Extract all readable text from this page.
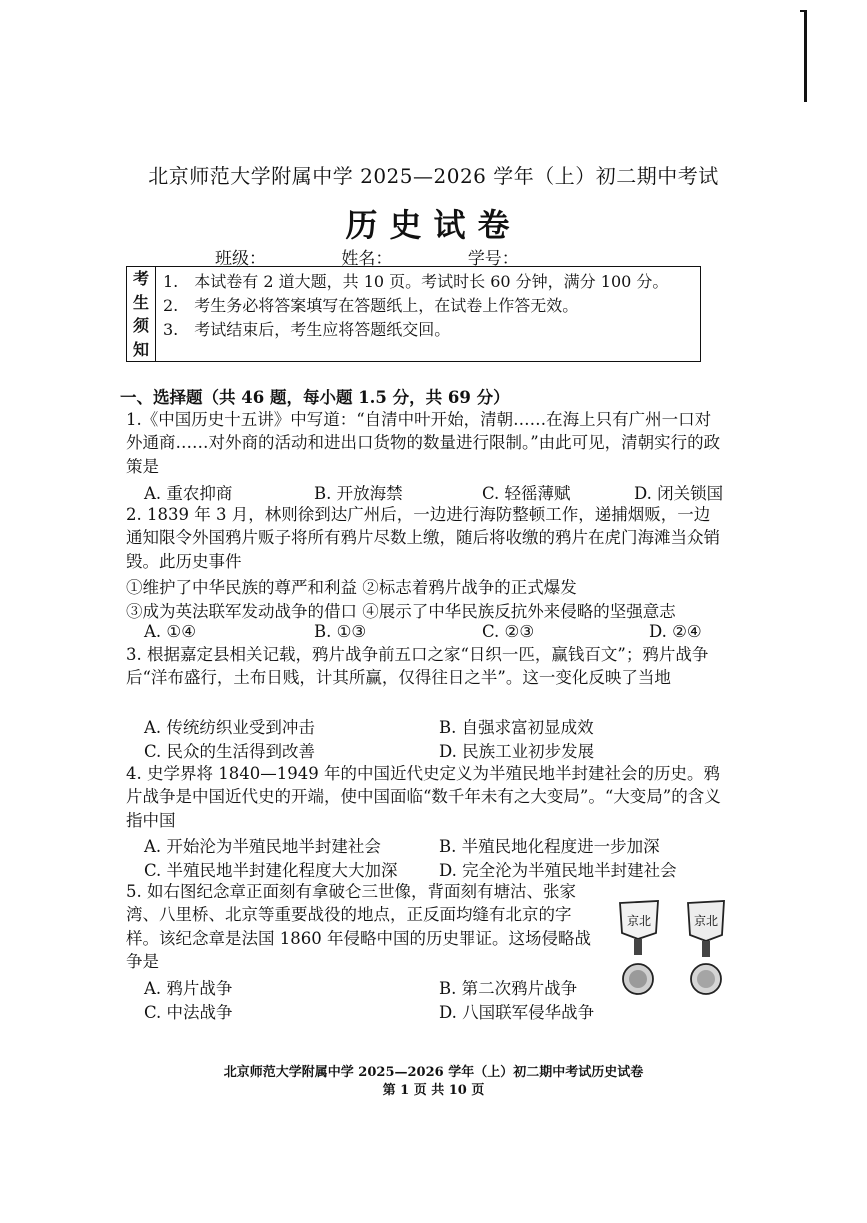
北京师范大学附属中学 2025—2026 学年（上）初二期中考试
历史试卷
班级：	姓名：	学号：
考
生
须
知
1.　本试卷有 2 道大题，共 10 页。考试时长 60 分钟，满分 100 分。
2.　考生务必将答案填写在答题纸上，在试卷上作答无效。
3.　考试结束后，考生应将答题纸交回。
一、选择题（共 46 题，每小题 1.5 分，共 69 分）
1.《中国历史十五讲》中写道：“自清中叶开始，清朝……在海上只有广州一口对外通商……对外商的活动和进出口货物的数量进行限制。”由此可见，清朝实行的政策是
A. 重农抑商	B. 开放海禁	C. 轻徭薄赋	D. 闭关锁国
2. 1839 年 3 月，林则徐到达广州后，一边进行海防整顿工作，递捕烟贩，一边通知限令外国鸦片贩子将所有鸦片尽数上缴，随后将收缴的鸦片在虎门海滩当众销毁。此历史事件
①维护了中华民族的尊严和利益 ②标志着鸦片战争的正式爆发
③成为英法联军发动战争的借口 ④展示了中华民族反抗外来侵略的坚强意志
A. ①④	B. ①③	C. ②③	D. ②④
3. 根据嘉定县相关记载，鸦片战争前五口之家“日织一匹，赢钱百文”；鸦片战争后“洋布盛行，土布日贱，计其所赢，仅得往日之半”。这一变化反映了当地
A. 传统纺织业受到冲击	B. 自强求富初显成效
C. 民众的生活得到改善	D. 民族工业初步发展
4. 史学界将 1840—1949 年的中国近代史定义为半殖民地半封建社会的历史。鸦片战争是中国近代史的开端，使中国面临“数千年未有之大变局”。“大变局”的含义指中国
A. 开始沦为半殖民地半封建社会	B. 半殖民地化程度进一步加深
C. 半殖民地半封建化程度大大加深	D. 完全沦为半殖民地半封建社会
5. 如右图纪念章正面刻有拿破仑三世像，背面刻有塘沽、张家湾、八里桥、北京等重要战役的地点，正反面均缝有北京的字样。该纪念章是法国 1860 年侵略中国的历史罪证。这场侵略战争是
A. 鸦片战争	B. 第二次鸦片战争
C. 中法战争	D. 八国联军侵华战争
京北	京北
北京师范大学附属中学 2025—2026 学年（上）初二期中考试历史试卷
第 1 页 共 10 页
